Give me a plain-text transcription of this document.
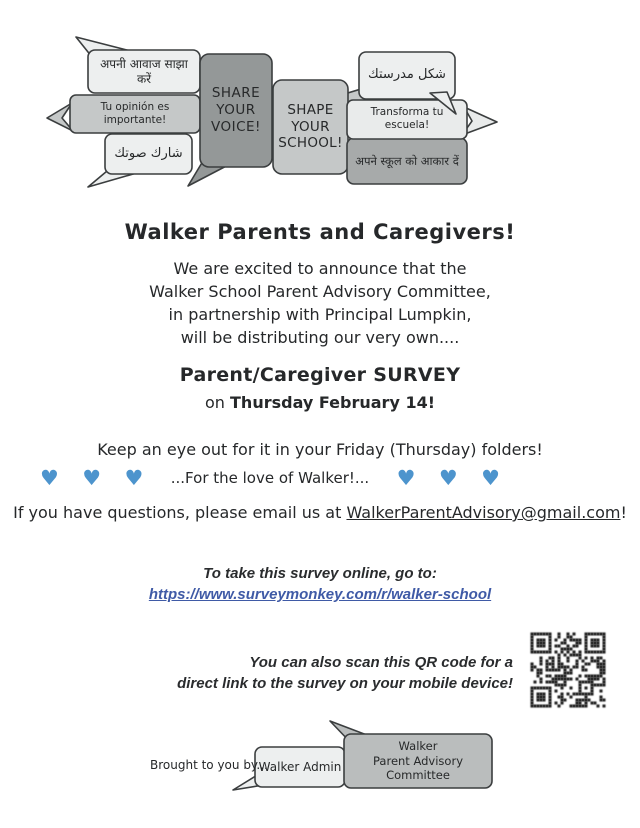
अपनी आवाज साझा करें
Tu opinión es importante!
شارك صوتك
SHARE YOUR VOICE!
SHAPE YOUR SCHOOL!
شكل مدرستك
Transforma tu escuela!
अपने स्कूल को आकार दें
Walker Parents and Caregivers!
We are excited to announce that the
Walker School Parent Advisory Committee,
in partnership with Principal Lumpkin,
will be distributing our very own....
Parent/Caregiver SURVEY
on Thursday February 14!
Keep an eye out for it in your Friday (Thursday) folders!
♥ ♥ ♥ ...For the love of Walker!... ♥ ♥ ♥
If you have questions, please email us at WalkerParentAdvisory@gmail.com!
To take this survey online, go to:
https://www.surveymonkey.com/r/walker-school
You can also scan this QR code for a
direct link to the survey on your mobile device!
Brought to you by...
Walker Admin
Walker
Parent Advisory Committee
